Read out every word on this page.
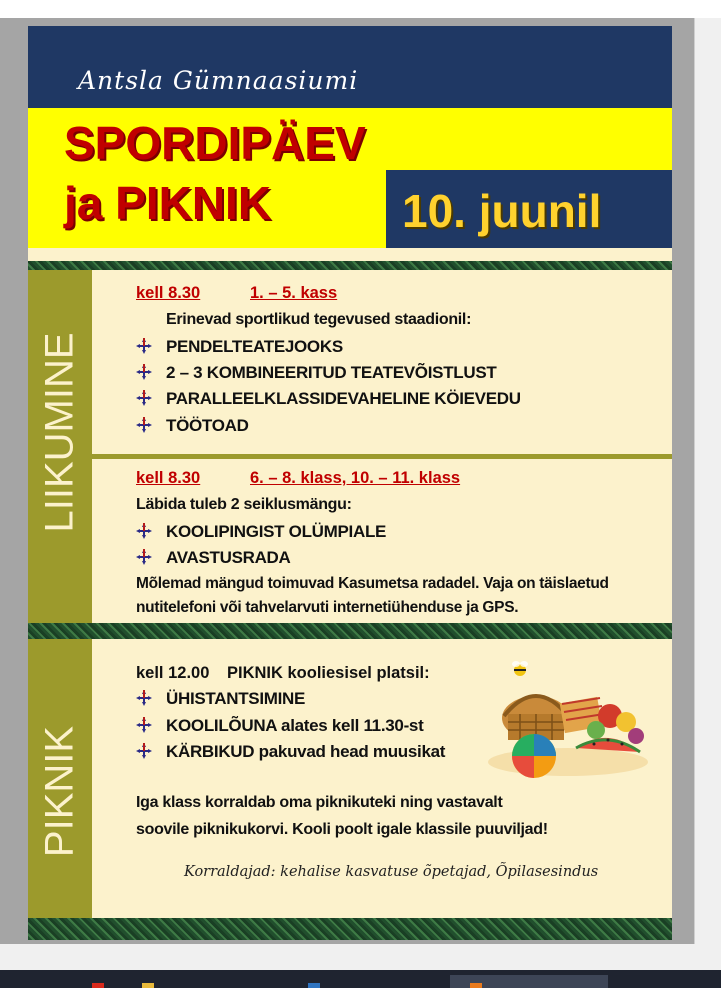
Antsla Gümnaasiumi
SPORDIPÄEV
ja PIKNIK	10. juunil
LIIKUMINE
PIKNIK
kell 8.30	1. – 5. kass
Erinevad sportlikud tegevused staadionil:
PENDELTEATEJOOKS
2 – 3 KOMBINEERITUD TEATEVÕISTLUST
PARALLEELKLASSIDEVAHELINE KÖIEVEDU
TÖÖTOAD
kell 8.30	6. – 8. klass, 10. – 11. klass
Läbida tuleb 2 seiklusmängu:
KOOLIPINGIST OLÜMPIALE
AVASTUSRADA
Mõlemad mängud toimuvad Kasumetsa radadel. Vaja on täislaetud
nutitelefoni või tahvelarvuti internetiühenduse ja GPS.
kell 12.00 PIKNIK kooliesisel platsil:
ÜHISTANTSIMINE
KOOLILÕUNA alates kell 11.30-st
KÄRBIKUD pakuvad head muusikat
Iga klass korraldab oma piknikuteki ning vastavalt
soovile piknikukorvi. Kooli poolt igale klassile puuviljad!
Korraldajad: kehalise kasvatuse õpetajad, Õpilasesindus
